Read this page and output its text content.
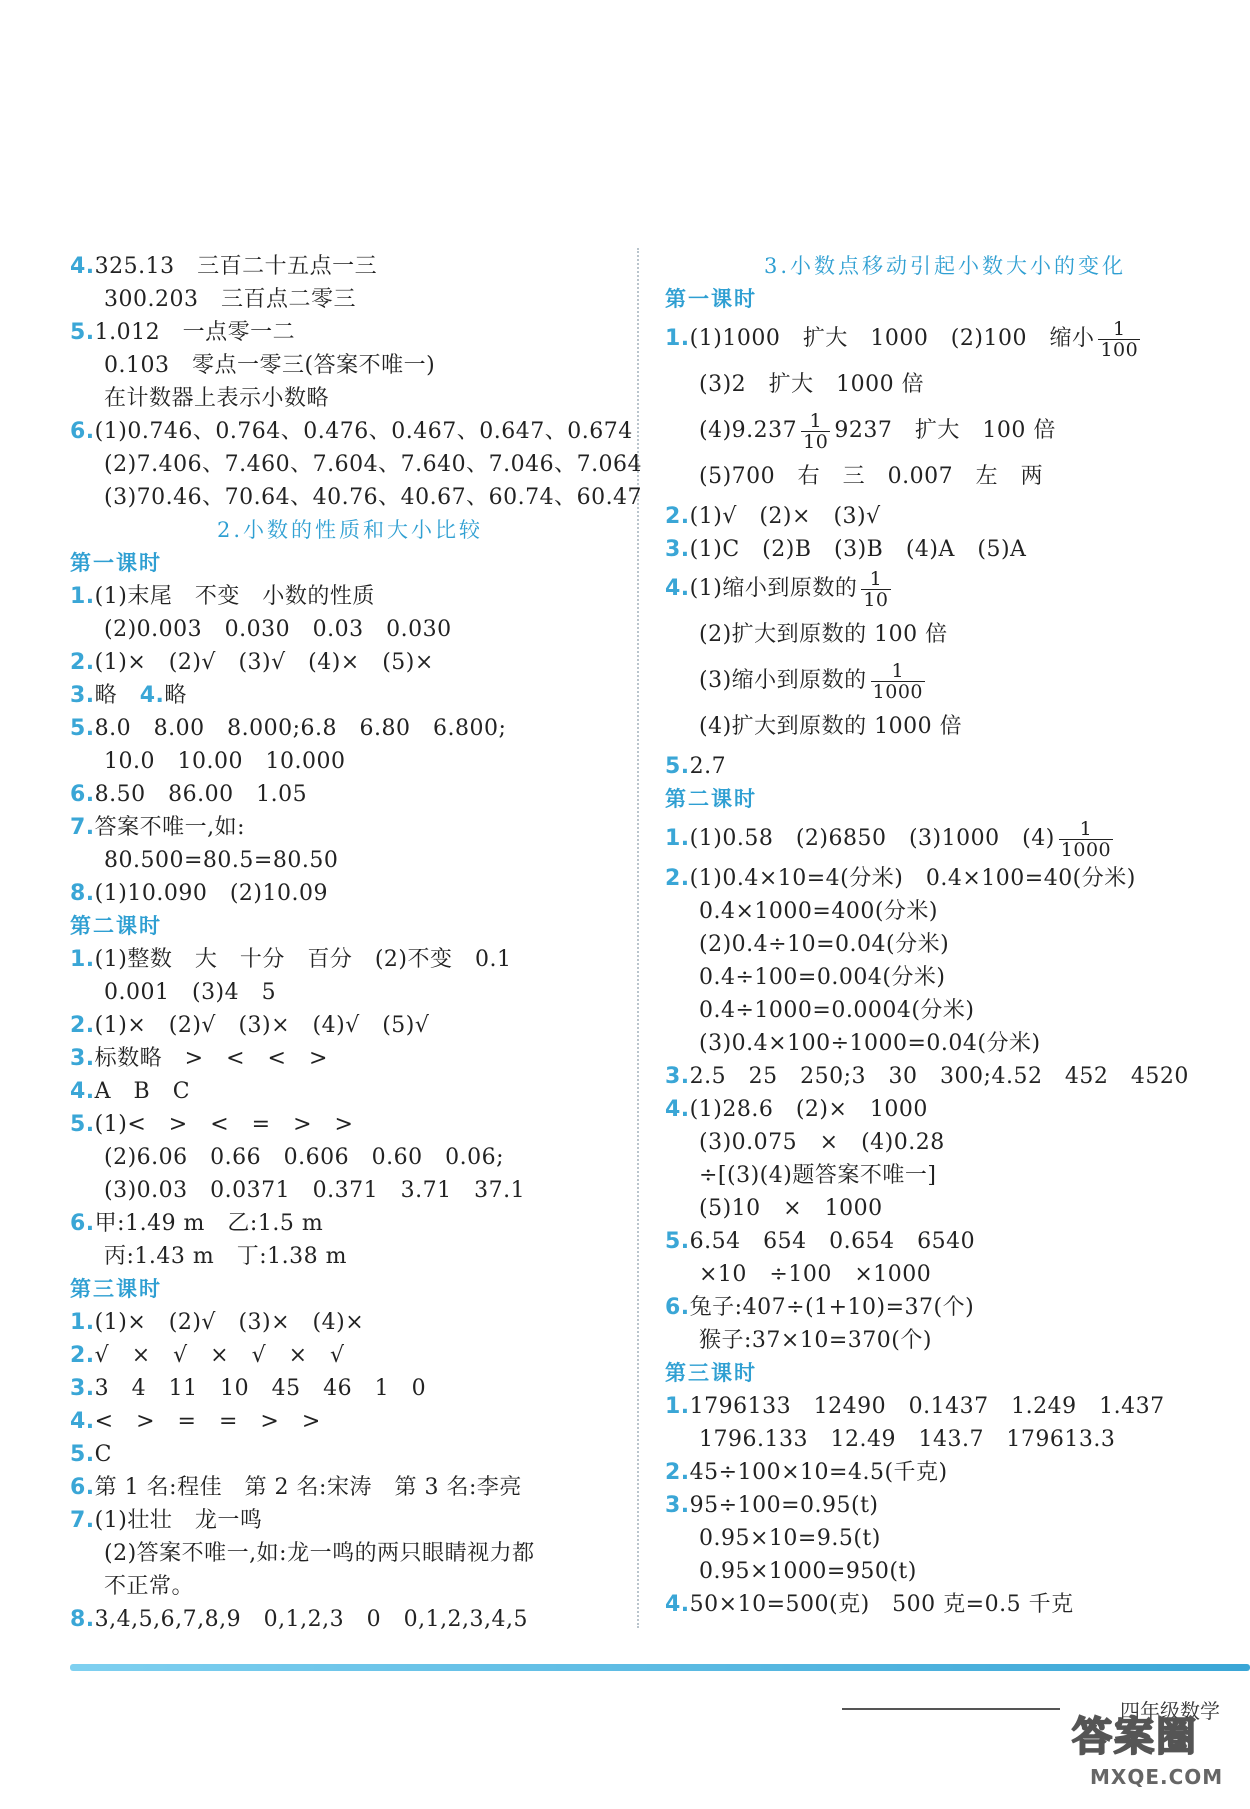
4.325.13　三百二十五点一三
300.203　三百点二零三
5.1.012　一点零一二
0.103　零点一零三(答案不唯一)
在计数器上表示小数略
6.(1)0.746、0.764、0.476、0.467、0.647、0.674
(2)7.406、7.460、7.604、7.640、7.046、7.064
(3)70.46、70.64、40.76、40.67、60.74、60.47
2.小数的性质和大小比较
第一课时
1.(1)末尾　不变　小数的性质
(2)0.003　0.030　0.03　0.030
2.(1)×　(2)√　(3)√　(4)×　(5)×
3.略　 4.略
5.8.0　8.00　8.000;6.8　6.80　6.800;
10.0　10.00　10.000
6.8.50　86.00　1.05
7.答案不唯一,如:
80.500=80.5=80.50
8.(1)10.090　(2)10.09
第二课时
1.(1)整数　大　十分　百分　(2)不变　0.1
0.001　(3)4　5
2.(1)×　(2)√　(3)×　(4)√　(5)√
3.标数略　>　<　<　>
4.A　B　C
5.(1)<　>　<　=　>　>
(2)6.06　0.66　0.606　0.60　0.06;
(3)0.03　0.0371　0.371　3.71　37.1
6.甲:1.49 m　乙:1.5 m
丙:1.43 m　丁:1.38 m
第三课时
1.(1)×　(2)√　(3)×　(4)×
2.√　×　√　×　√　×　√
3.3　4　11　10　45　46　1　0
4.<　>　=　=　>　>
5.C
6.第 1 名:程佳　第 2 名:宋涛　第 3 名:李亮
7.(1)壮壮　龙一鸣
(2)答案不唯一,如:龙一鸣的两只眼睛视力都
不正常。
8.3,4,5,6,7,8,9　0,1,2,3　0　0,1,2,3,4,5
3.小数点移动引起小数大小的变化
第一课时
1.(1)1000　扩大　1000　(2)100　缩小 $\frac{1}{100}$
(3)2　扩大　1000 倍
$(4)9.237 \frac{1}{10} 9237$　扩大　100 倍
(5)700　右　三　0.007　左　两
2.(1)√　(2)×　(3)√
3.(1)C　(2)B　(3)B　(4)A　(5)A
4.(1)缩小到原数的 $\frac{1}{10}$
(2)扩大到原数的 100 倍
(3)缩小到原数的 $\frac{1}{1000}$
(4)扩大到原数的 1000 倍
5.2.7
第二课时
1.(1)0.58　(2)6850　(3)1000　$(4) \frac{1}{1000}$
2.(1)0.4×10=4(分米)　0.4×100=40(分米)
0.4×1000=400(分米)
(2)0.4÷10=0.04(分米)
0.4÷100=0.004(分米)
0.4÷1000=0.0004(分米)
(3)0.4×100÷1000=0.04(分米)
3.2.5　25　250;3　30　300;4.52　452　4520
4.(1)28.6　(2)×　1000
(3)0.075　×　(4)0.28
÷[(3)(4)题答案不唯一]
(5)10　×　1000
5.6.54　654　0.654　6540
×10　÷100　×1000
6.兔子:407÷(1+10)=37(个)
猴子:37×10=370(个)
第三课时
1.1796133　12490　0.1437　1.249　1.437
1796.133　12.49　143.7　179613.3
2.45÷100×10=4.5(千克)
3.95÷100=0.95(t)
0.95×10=9.5(t)
0.95×1000=950(t)
4.50×10=500(克)　500 克=0.5 千克
四年级数学
答案圈
MXQE.COM
